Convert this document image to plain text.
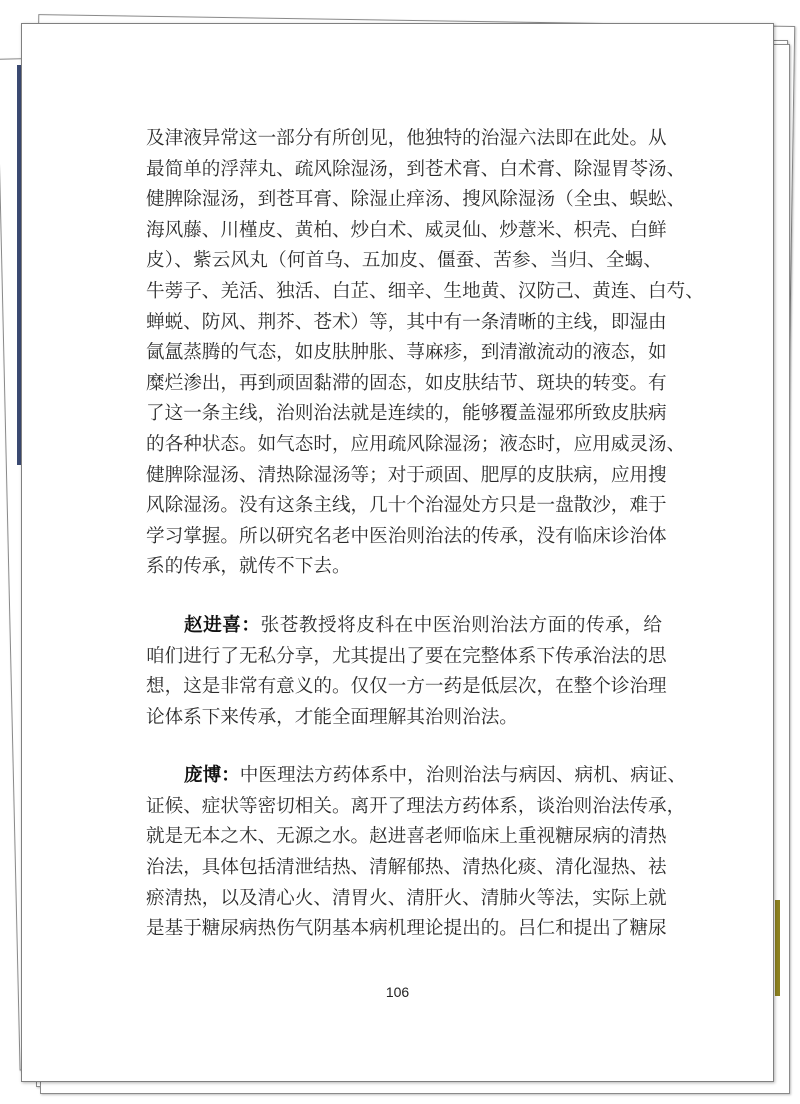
及津液异常这一部分有所创见，他独特的治湿六法即在此处。从
最简单的浮萍丸、疏风除湿汤，到苍术膏、白术膏、除湿胃苓汤、
健脾除湿汤，到苍耳膏、除湿止痒汤、搜风除湿汤（全虫、蜈蚣、
海风藤、川槿皮、黄柏、炒白术、威灵仙、炒薏米、枳壳、白鲜
皮）、紫云风丸（何首乌、五加皮、僵蚕、苦参、当归、全蝎、
牛蒡子、羌活、独活、白芷、细辛、生地黄、汉防己、黄连、白芍、
蝉蜕、防风、荆芥、苍术）等，其中有一条清晰的主线，即湿由
氤氲蒸腾的气态，如皮肤肿胀、荨麻疹，到清澈流动的液态，如
糜烂渗出，再到顽固黏滞的固态，如皮肤结节、斑块的转变。有
了这一条主线，治则治法就是连续的，能够覆盖湿邪所致皮肤病
的各种状态。如气态时，应用疏风除湿汤；液态时，应用威灵汤、
健脾除湿汤、清热除湿汤等；对于顽固、肥厚的皮肤病，应用搜
风除湿汤。没有这条主线，几十个治湿处方只是一盘散沙，难于
学习掌握。所以研究名老中医治则治法的传承，没有临床诊治体
系的传承，就传不下去。
赵进喜：张苍教授将皮科在中医治则治法方面的传承，给
咱们进行了无私分享，尤其提出了要在完整体系下传承治法的思
想，这是非常有意义的。仅仅一方一药是低层次，在整个诊治理
论体系下来传承，才能全面理解其治则治法。
庞博：中医理法方药体系中，治则治法与病因、病机、病证、
证候、症状等密切相关。离开了理法方药体系，谈治则治法传承，
就是无本之木、无源之水。赵进喜老师临床上重视糖尿病的清热
治法，具体包括清泄结热、清解郁热、清热化痰、清化湿热、祛
瘀清热，以及清心火、清胃火、清肝火、清肺火等法，实际上就
是基于糖尿病热伤气阴基本病机理论提出的。吕仁和提出了糖尿
106
